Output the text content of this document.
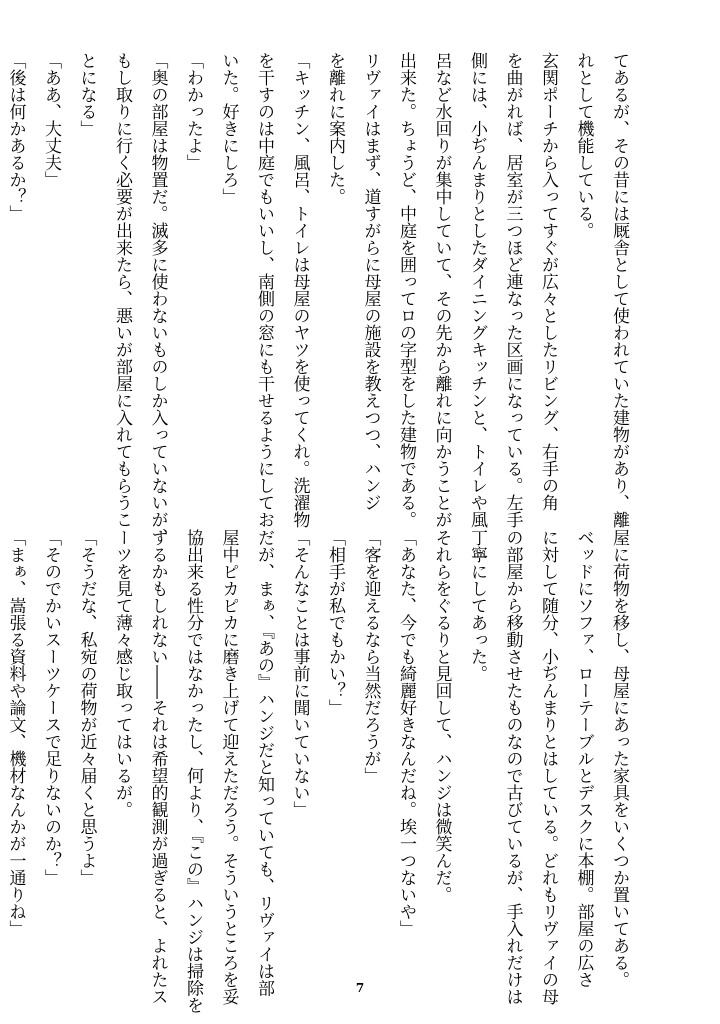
てあるが、その昔には厩舎として使われていた建物があり、離
れとして機能している。
玄関ポーチから入ってすぐが広々としたリビング、右手の角
を曲がれば、居室が三つほど連なった区画になっている。左手
側には、小ぢんまりとしたダイニングキッチンと、トイレや風
呂など水回りが集中していて、その先から離れに向かうことが
出来た。ちょうど、中庭を囲ってロの字型をした建物である。
リヴァイはまず、道すがらに母屋の施設を教えつつ、ハンジ
を離れに案内した。
「キッチン、風呂、トイレは母屋のヤツを使ってくれ。洗濯物
を干すのは中庭でもいいし、南側の窓にも干せるようにしてお
いた。好きにしろ」
「わかったよ」
「奥の部屋は物置だ。滅多に使わないものしか入っていないが、
もし取りに行く必要が出来たら、悪いが部屋に入れてもらうこ
とになる」
「ああ、大丈夫」
「後は何かあるか？」
屋に荷物を移し、母屋にあった家具をいくつか置いてある。
ベッドにソファ、ローテーブルとデスクに本棚。部屋の広さ
に対して随分、小ぢんまりとはしている。どれもリヴァイの母
の部屋から移動させたものなので古びているが、手入れだけは
丁寧にしてあった。
それらをぐるりと見回して、ハンジは微笑んだ。
「あなた、今でも綺麗好きなんだね。埃一つないや」
「客を迎えるなら当然だろうが」
「相手が私でもかい？」
「そんなことは事前に聞いていない」
だが、まぁ、『あの』ハンジだと知っていても、リヴァイは部
屋中ピカピカに磨き上げて迎えただろう。そういうところを妥
協出来る性分ではなかったし、何より、『この』ハンジは掃除を
するかもしれない――それは希望的観測が過ぎると、よれたス
ーツを見て薄々感じ取ってはいるが。
「そうだな、私宛の荷物が近々届くと思うよ」
「そのでかいスーツケースで足りないのか？」
「まぁ、嵩張る資料や論文、機材なんかが一通りね」
7
